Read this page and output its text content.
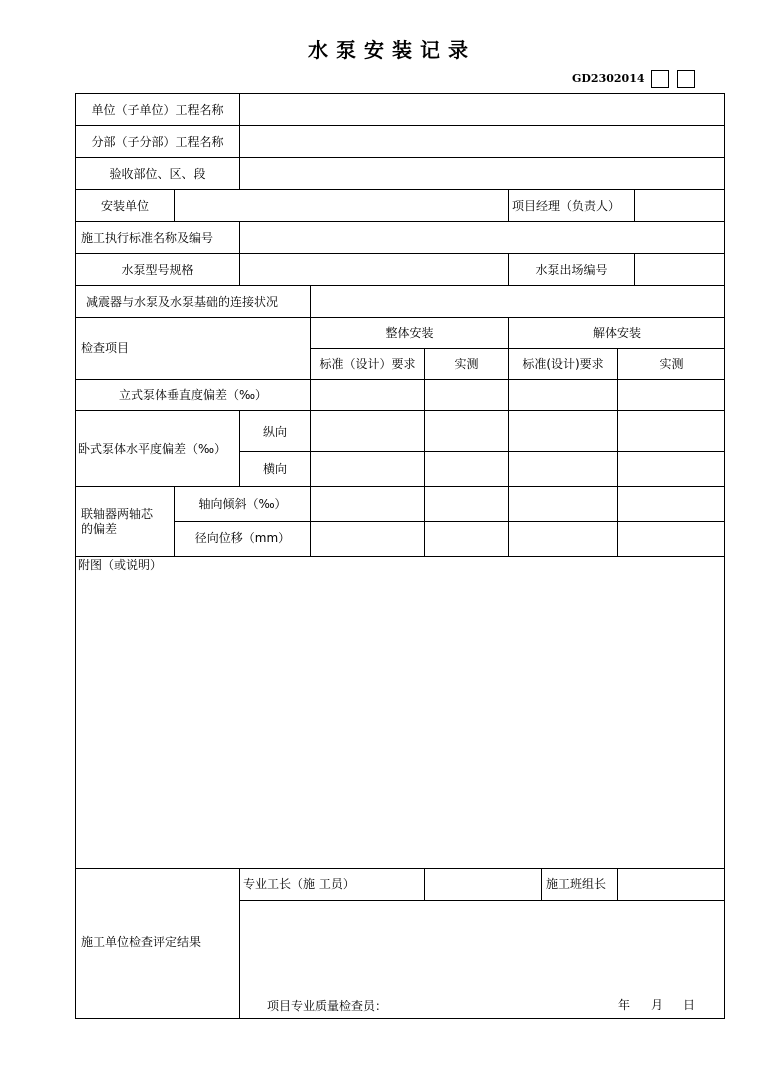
水泵安装记录
GD2302014
单位（子单位）工程名称
分部（子分部）工程名称
验收部位、区、段
安装单位	项目经理（负责人）
施工执行标准名称及编号
水泵型号规格	水泵出场编号
减震器与水泵及水泵基础的连接状况
检查项目
整体安装	解体安装
标准（设计）要求	实测	标准(设计)要求	实测
立式泵体垂直度偏差（‰）
卧式泵体水平度偏差（‰）
纵向
横向
联轴器两轴芯
的偏差
轴向倾斜（‰）
径向位移（mm）
附图（或说明）
施工单位检查评定结果
专业工长（施 工员）	施工班组长
项目专业质量检查员：	年 月 日
